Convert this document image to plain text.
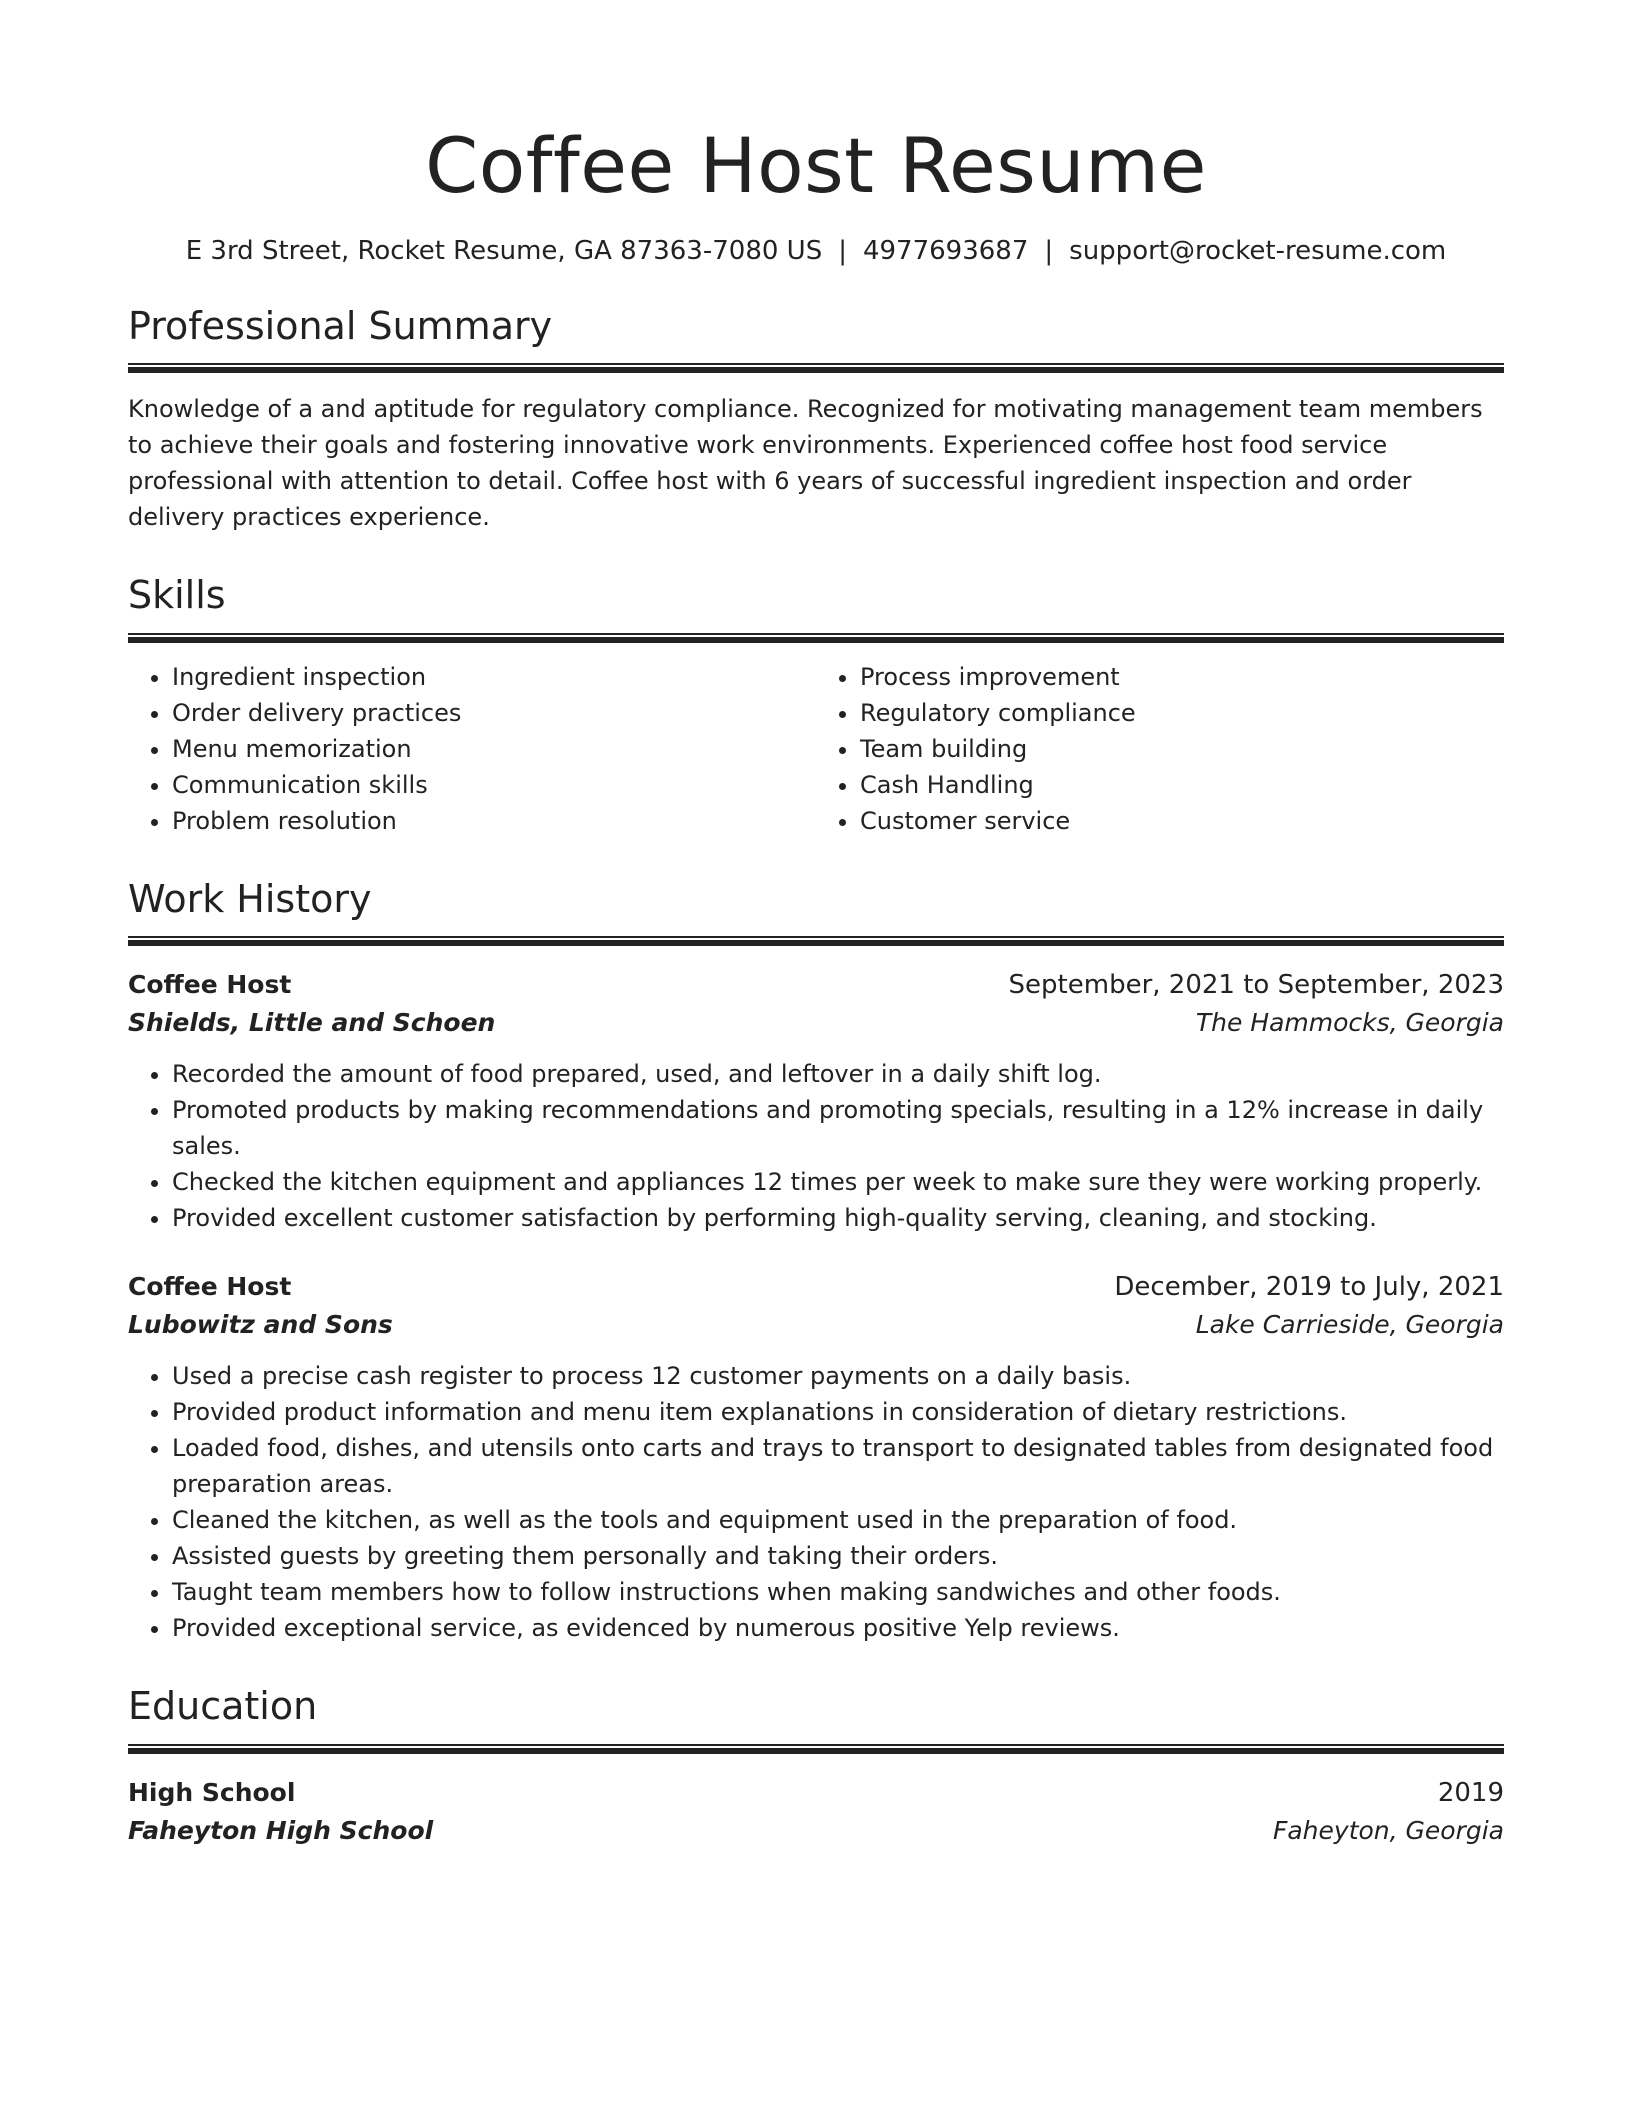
Coffee Host Resume
E 3rd Street, Rocket Resume, GA 87363-7080 US | 4977693687 | support@rocket-resume.com
Professional Summary

Knowledge of a and aptitude for regulatory compliance. Recognized for motivating management team members to achieve their goals and fostering innovative work environments. Experienced coffee host food service professional with attention to detail. Coffee host with 6 years of successful ingredient inspection and order delivery practices experience.

Skills
• Ingredient inspection
• Order delivery practices
• Menu memorization
• Communication skills
• Problem resolution
• Process improvement
• Regulatory compliance
• Team building
• Cash Handling
• Customer service
Work History
Coffee Host	September, 2021 to September, 2023
Shields, Little and Schoen	The Hammocks, Georgia
• Recorded the amount of food prepared, used, and leftover in a daily shift log.
• Promoted products by making recommendations and promoting specials, resulting in a 12% increase in daily sales.
• Checked the kitchen equipment and appliances 12 times per week to make sure they were working properly.
• Provided excellent customer satisfaction by performing high-quality serving, cleaning, and stocking.
Coffee Host	December, 2019 to July, 2021
Lubowitz and Sons	Lake Carrieside, Georgia
• Used a precise cash register to process 12 customer payments on a daily basis.
• Provided product information and menu item explanations in consideration of dietary restrictions.
• Loaded food, dishes, and utensils onto carts and trays to transport to designated tables from designated food preparation areas.
• Cleaned the kitchen, as well as the tools and equipment used in the preparation of food.
• Assisted guests by greeting them personally and taking their orders.
• Taught team members how to follow instructions when making sandwiches and other foods.
• Provided exceptional service, as evidenced by numerous positive Yelp reviews.
Education
High School	2019
Faheyton High School	Faheyton, Georgia
